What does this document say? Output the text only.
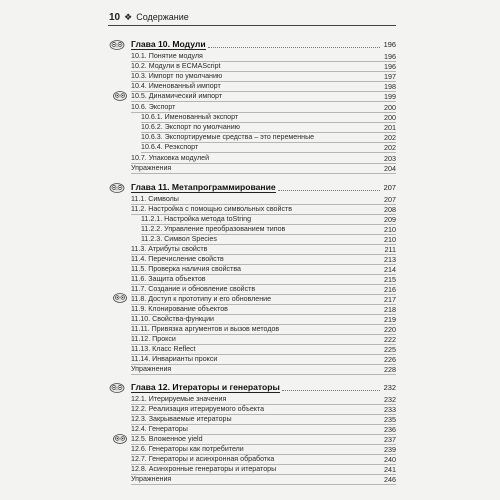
10 ❖ Содержание
Глава 10. Модули	196
10.1. Понятие модуля	196
10.2. Модули в ECMAScript	196
10.3. Импорт по умолчанию	197
10.4. Именованный импорт	198
10.5. Динамический импорт	199
10.6. Экспорт	200
10.6.1. Именованный экспорт	200
10.6.2. Экспорт по умолчанию	201
10.6.3. Экспортируемые средства – это переменные	202
10.6.4. Реэкспорт	202
10.7. Упаковка модулей	203
Упражнения	204
Глава 11. Метапрограммирование	207
11.1. Символы	207
11.2. Настройка с помощью символьных свойств	208
11.2.1. Настройка метода toString	209
11.2.2. Управление преобразованием типов	210
11.2.3. Символ Species	210
11.3. Атрибуты свойств	211
11.4. Перечисление свойств	213
11.5. Проверка наличия свойства	214
11.6. Защита объектов	215
11.7. Создание и обновление свойств	216
11.8. Доступ к прототипу и его обновление	217
11.9. Клонирование объектов	218
11.10. Свойства-функции	219
11.11. Привязка аргументов и вызов методов	220
11.12. Прокси	222
11.13. Класс Reflect	225
11.14. Инварианты прокси	226
Упражнения	228
Глава 12. Итераторы и генераторы	232
12.1. Итерируемые значения	232
12.2. Реализация итерируемого объекта	233
12.3. Закрываемые итераторы	235
12.4. Генераторы	236
12.5. Вложенное yield	237
12.6. Генераторы как потребители	239
12.7. Генераторы и асинхронная обработка	240
12.8. Асинхронные генераторы и итераторы	241
Упражнения	246
